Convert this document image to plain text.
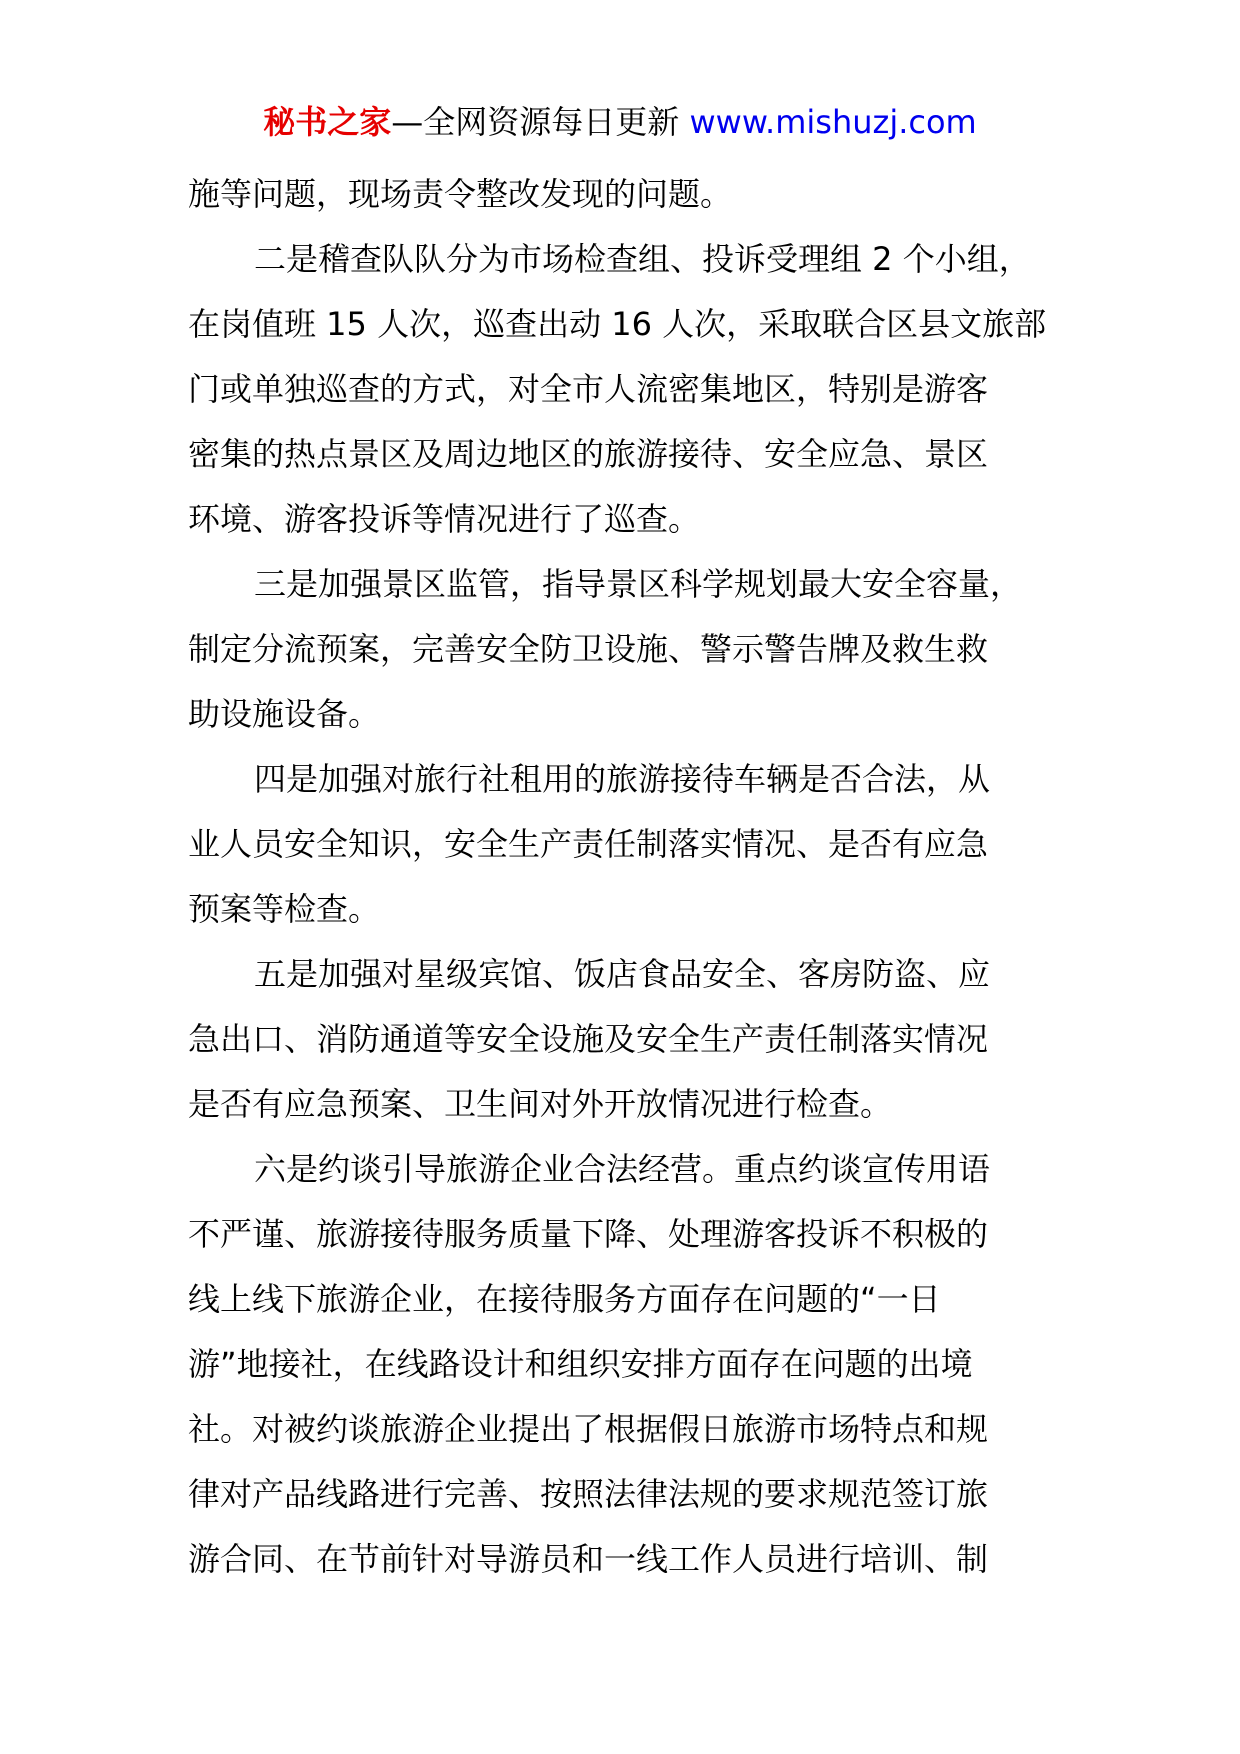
秘书之家—全网资源每日更新 www.mishuzj.com
施等问题，现场责令整改发现的问题。
二是稽查队队分为市场检查组、投诉受理组 2 个小组，
在岗值班 15 人次，巡查出动 16 人次，采取联合区县文旅部
门或单独巡查的方式，对全市人流密集地区，特别是游客
密集的热点景区及周边地区的旅游接待、安全应急、景区
环境、游客投诉等情况进行了巡查。
三是加强景区监管，指导景区科学规划最大安全容量，
制定分流预案，完善安全防卫设施、警示警告牌及救生救
助设施设备。
四是加强对旅行社租用的旅游接待车辆是否合法，从
业人员安全知识，安全生产责任制落实情况、是否有应急
预案等检查。
五是加强对星级宾馆、饭店食品安全、客房防盗、应
急出口、消防通道等安全设施及安全生产责任制落实情况
是否有应急预案、卫生间对外开放情况进行检查。
六是约谈引导旅游企业合法经营。重点约谈宣传用语
不严谨、旅游接待服务质量下降、处理游客投诉不积极的
线上线下旅游企业，在接待服务方面存在问题的“一日
游”地接社，在线路设计和组织安排方面存在问题的出境
社。对被约谈旅游企业提出了根据假日旅游市场特点和规
律对产品线路进行完善、按照法律法规的要求规范签订旅
游合同、在节前针对导游员和一线工作人员进行培训、制
